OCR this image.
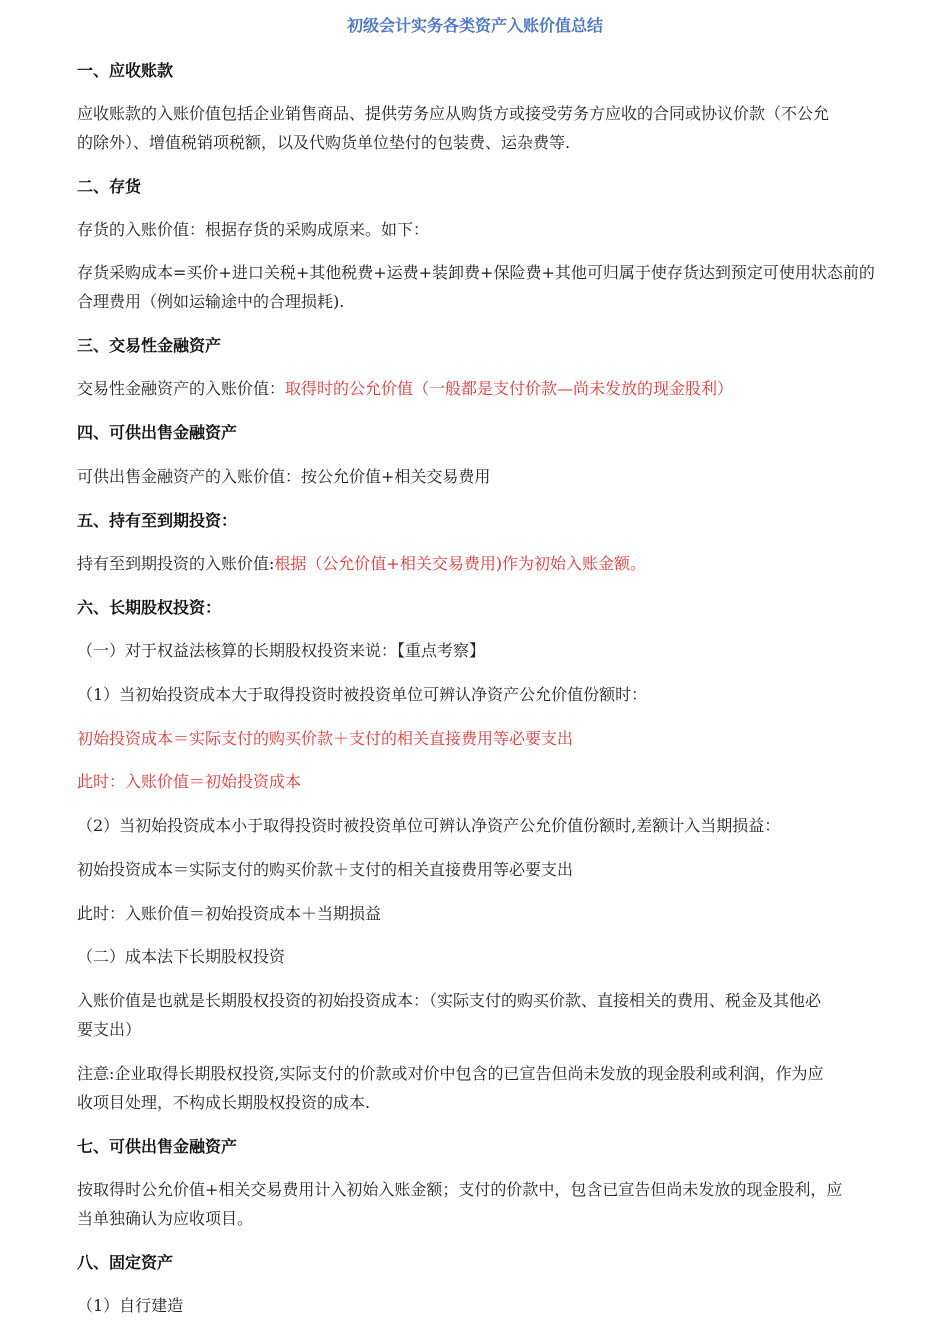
初级会计实务各类资产入账价值总结
一、应收账款
应收账款的入账价值包括企业销售商品、提供劳务应从购货方或接受劳务方应收的合同或协议价款（不公允
的除外）、增值税销项税额，以及代购货单位垫付的包装费、运杂费等.
二、存货
存货的入账价值：根据存货的采购成原来。如下：
存货采购成本=买价+进口关税+其他税费+运费+装卸费+保险费+其他可归属于使存货达到预定可使用状态前的
合理费用（例如运输途中的合理损耗).
三、交易性金融资产
交易性金融资产的入账价值：取得时的公允价值（一般都是支付价款—尚未发放的现金股利）
四、可供出售金融资产
可供出售金融资产的入账价值：按公允价值+相关交易费用
五、持有至到期投资：
持有至到期投资的入账价值:根据（公允价值+相关交易费用)作为初始入账金额。
六、长期股权投资：
（一）对于权益法核算的长期股权投资来说：【重点考察】
（1）当初始投资成本大于取得投资时被投资单位可辨认净资产公允价值份额时：
初始投资成本＝实际支付的购买价款＋支付的相关直接费用等必要支出
此时：入账价值＝初始投资成本
（2）当初始投资成本小于取得投资时被投资单位可辨认净资产公允价值份额时,差额计入当期损益：
初始投资成本＝实际支付的购买价款＋支付的相关直接费用等必要支出
此时：入账价值＝初始投资成本＋当期损益
（二）成本法下长期股权投资
入账价值是也就是长期股权投资的初始投资成本：（实际支付的购买价款、直接相关的费用、税金及其他必
要支出）
注意:企业取得长期股权投资,实际支付的价款或对价中包含的已宣告但尚未发放的现金股利或利润，作为应
收项目处理，不构成长期股权投资的成本.
七、可供出售金融资产
按取得时公允价值+相关交易费用计入初始入账金额；支付的价款中，包含已宣告但尚未发放的现金股利，应
当单独确认为应收项目。
八、固定资产
（1）自行建造
